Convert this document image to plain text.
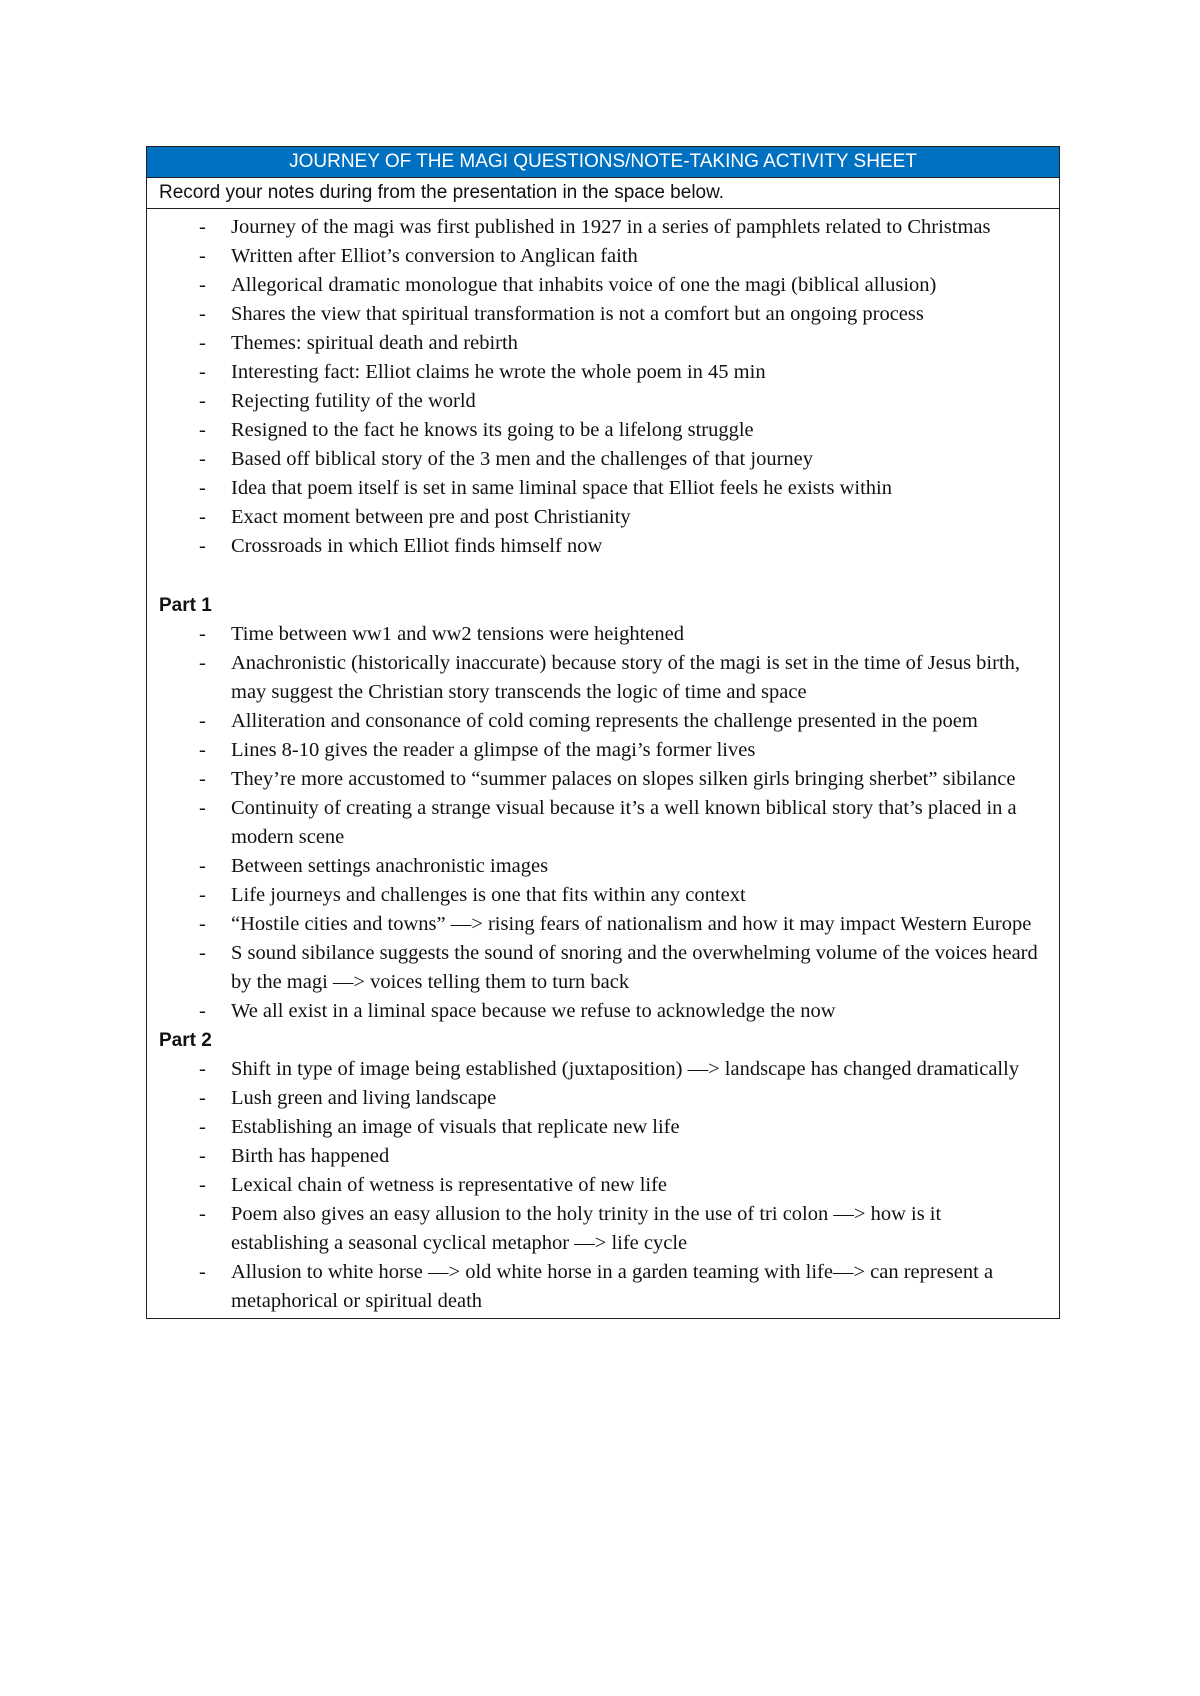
JOURNEY OF THE MAGI QUESTIONS/NOTE-TAKING ACTIVITY SHEET
Record your notes during from the presentation in the space below.
- Journey of the magi was first published in 1927 in a series of pamphlets related to Christmas
- Written after Elliot’s conversion to Anglican faith
- Allegorical dramatic monologue that inhabits voice of one the magi (biblical allusion)
- Shares the view that spiritual transformation is not a comfort but an ongoing process
- Themes: spiritual death and rebirth
- Interesting fact: Elliot claims he wrote the whole poem in 45 min
- Rejecting futility of the world
- Resigned to the fact he knows its going to be a lifelong struggle
- Based off biblical story of the 3 men and the challenges of that journey
- Idea that poem itself is set in same liminal space that Elliot feels he exists within
- Exact moment between pre and post Christianity
- Crossroads in which Elliot finds himself now
Part 1
- Time between ww1 and ww2 tensions were heightened
- Anachronistic (historically inaccurate) because story of the magi is set in the time of Jesus birth, may suggest the Christian story transcends the logic of time and space
- Alliteration and consonance of cold coming represents the challenge presented in the poem
- Lines 8-10 gives the reader a glimpse of the magi’s former lives
- They’re more accustomed to “summer palaces on slopes silken girls bringing sherbet” sibilance
- Continuity of creating a strange visual because it’s a well known biblical story that’s placed in a modern scene
- Between settings anachronistic images
- Life journeys and challenges is one that fits within any context
- “Hostile cities and towns” —> rising fears of nationalism and how it may impact Western Europe
- S sound sibilance suggests the sound of snoring and the overwhelming volume of the voices heard by the magi —> voices telling them to turn back
- We all exist in a liminal space because we refuse to acknowledge the now
Part 2
- Shift in type of image being established (juxtaposition) —> landscape has changed dramatically
- Lush green and living landscape
- Establishing an image of visuals that replicate new life
- Birth has happened
- Lexical chain of wetness is representative of new life
- Poem also gives an easy allusion to the holy trinity in the use of tri colon —> how is it establishing a seasonal cyclical metaphor —> life cycle
- Allusion to white horse —> old white horse in a garden teaming with life—> can represent a metaphorical or spiritual death
